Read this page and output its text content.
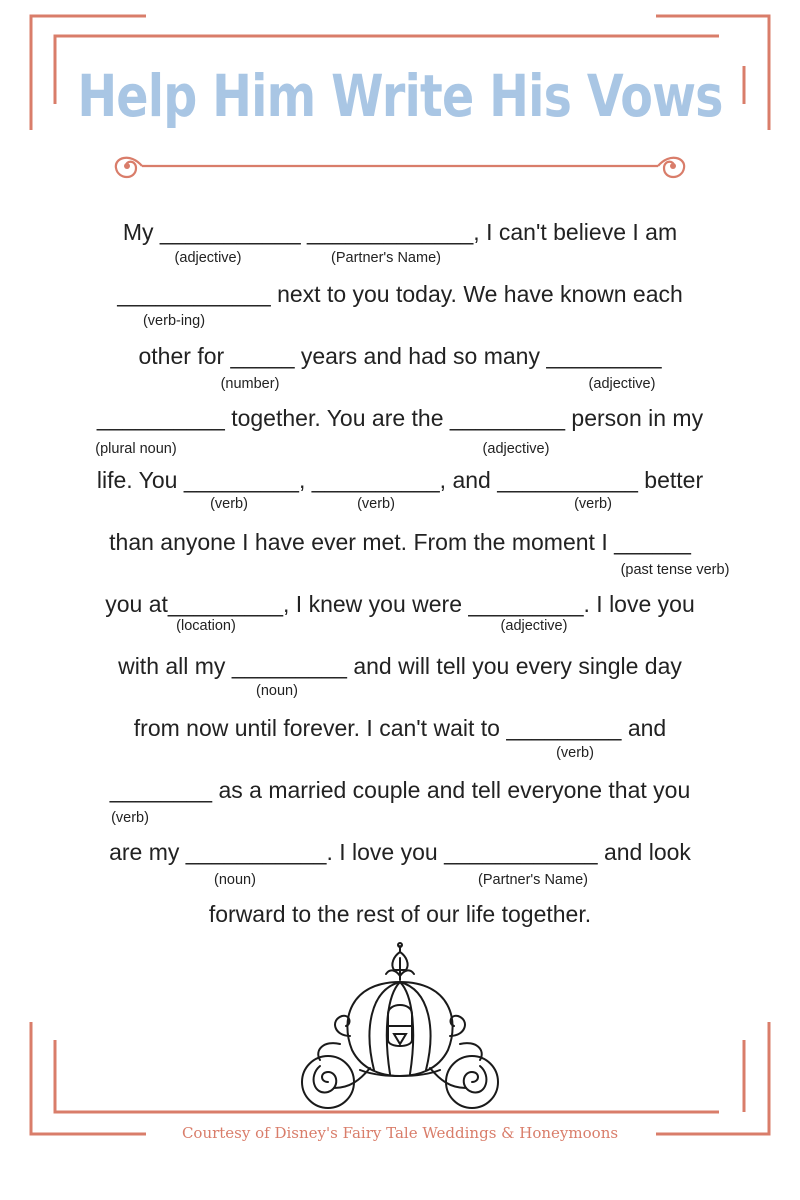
Help Him Write His Vows
My ___________ _____________, I can't believe I am
____________ next to you today. We have known each
other for _____ years and had so many _________
__________ together. You are the _________ person in my
life. You _________, __________, and ___________ better
than anyone I have ever met. From the moment I ______
you at_________, I knew you were _________. I love you
with all my _________ and will tell you every single day
from now until forever. I can't wait to _________ and
________ as a married couple and tell everyone that you
are my ___________. I love you ____________ and look
forward to the rest of our life together.
(adjective)	(Partner's Name)
(verb-ing)
(number)	(adjective)
(plural noun)	(adjective)
(verb)	(verb)	(verb)
(past tense verb)
(location)	(adjective)
(noun)
(verb)
(verb)
(noun)	(Partner's Name)
Courtesy of Disney's Fairy Tale Weddings & Honeymoons
